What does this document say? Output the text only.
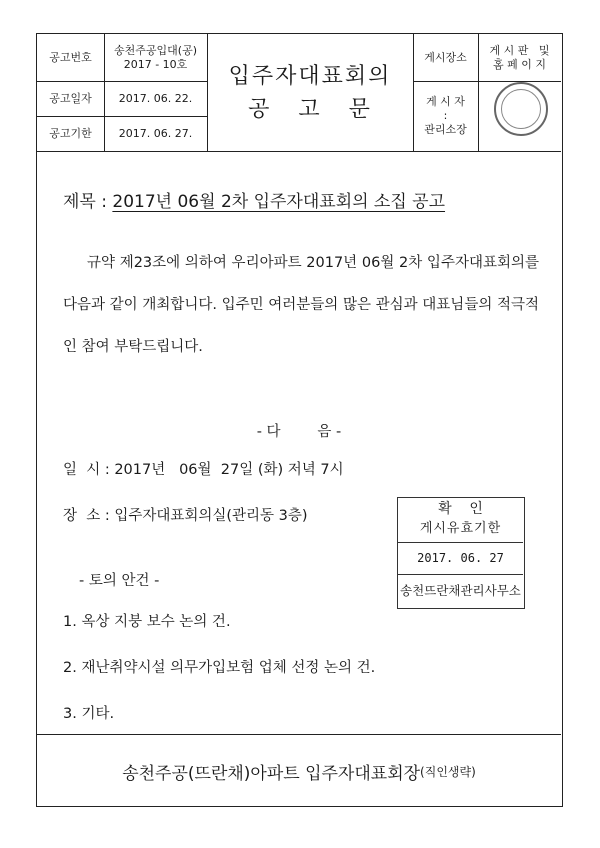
공고번호
송천주공입대(공)
2017 - 10호
공고일자	2017. 06. 22.
공고기한	2017. 06. 27.
입주자대표회의
공   고   문
게시장소
게 시 판   및
홈 페 이 지
게 시 자
:
관리소장
제목 : 2017년 06월 2차 입주자대표회의 소집 공고
규약 제23조에 의하여 우리아파트 2017년 06월 2차 입주자대표회의를 다음과 같이 개최합니다. 입주민 여러분들의 많은 관심과 대표님들의 적극적인 참여 부탁드립니다.
- 다        음 -
일  시 : 2017년   06월  27일 (화) 저녁 7시
장  소 : 입주자대표회의실(관리동 3층)
- 토의 안건 -
1. 옥상 지붕 보수 논의 건.
2. 재난취약시설 의무가입보험 업체 선정 논의 건.
3. 기타.
확    인
게시유효기한
2017. 06. 27
송천뜨란채관리사무소
송천주공(뜨란채)아파트 입주자대표회장 (직인생략)
